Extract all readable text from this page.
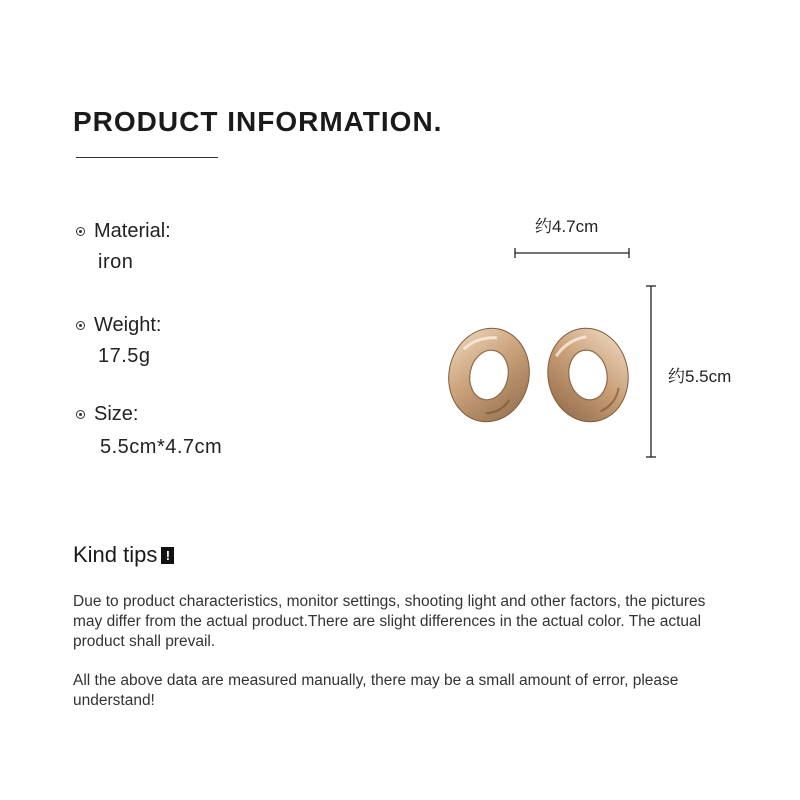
PRODUCT INFORMATION.
Material:
iron
Weight:
17.5g
Size:
5.5cm*4.7cm
约4.7cm
约5.5cm
Kind tips !

Due to product characteristics, monitor settings, shooting light and other factors, the pictures may differ from the actual product.There are slight differences in the actual color. The actual product shall prevail.

All the above data are measured manually, there may be a small amount of error, please understand!
